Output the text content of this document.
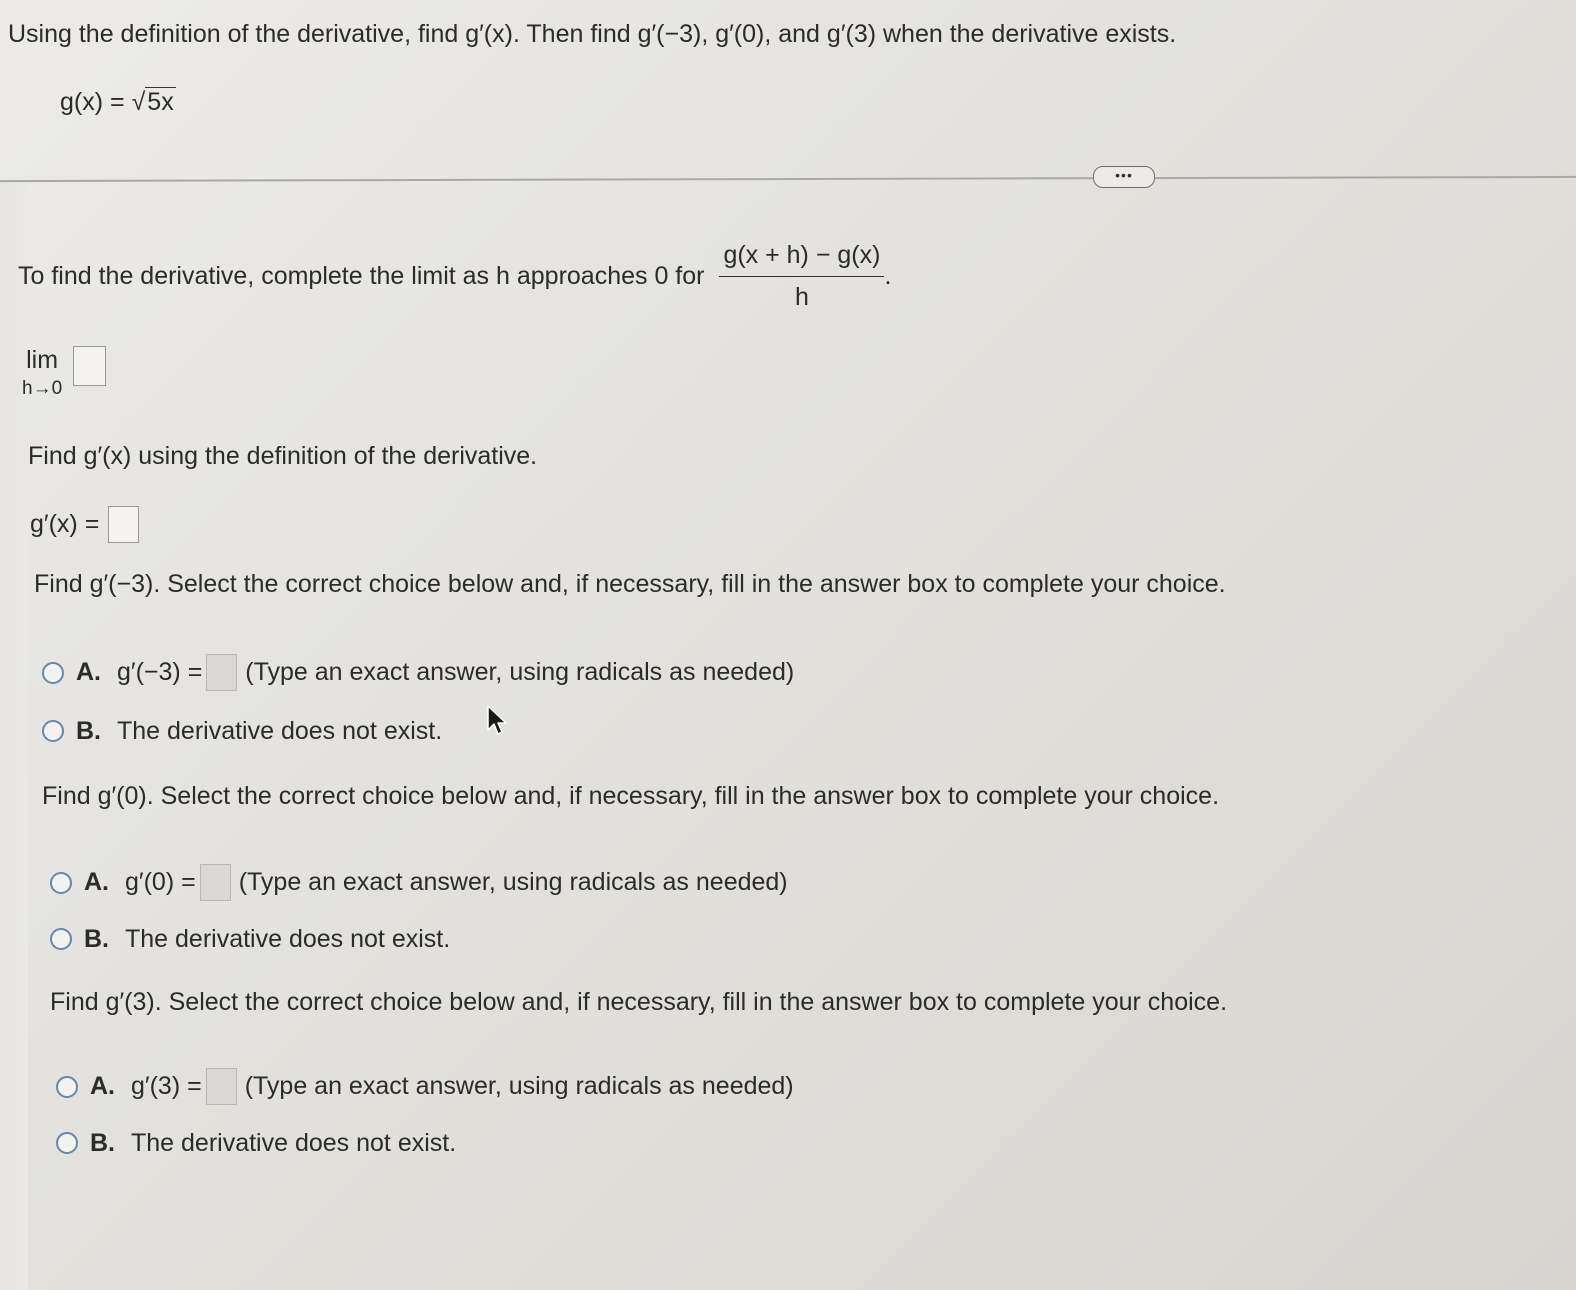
Using the definition of the derivative, find g′(x). Then find g′(−3), g′(0), and g′(3) when the derivative exists.
g(x) = √5x
•••
To find the derivative, complete the limit as h approaches 0 for $\frac{g(x + h) - g(x)}{h}$ .
lim
h→0

Find g′(x) using the definition of the derivative.
g′(x) =
Find g′(−3). Select the correct choice below and, if necessary, fill in the answer box to complete your choice.
A. g′(−3) = (Type an exact answer, using radicals as needed)
B. The derivative does not exist.
Find g′(0). Select the correct choice below and, if necessary, fill in the answer box to complete your choice.
A. g′(0) = (Type an exact answer, using radicals as needed)
B. The derivative does not exist.
Find g′(3). Select the correct choice below and, if necessary, fill in the answer box to complete your choice.
A. g′(3) = (Type an exact answer, using radicals as needed)
B. The derivative does not exist.
